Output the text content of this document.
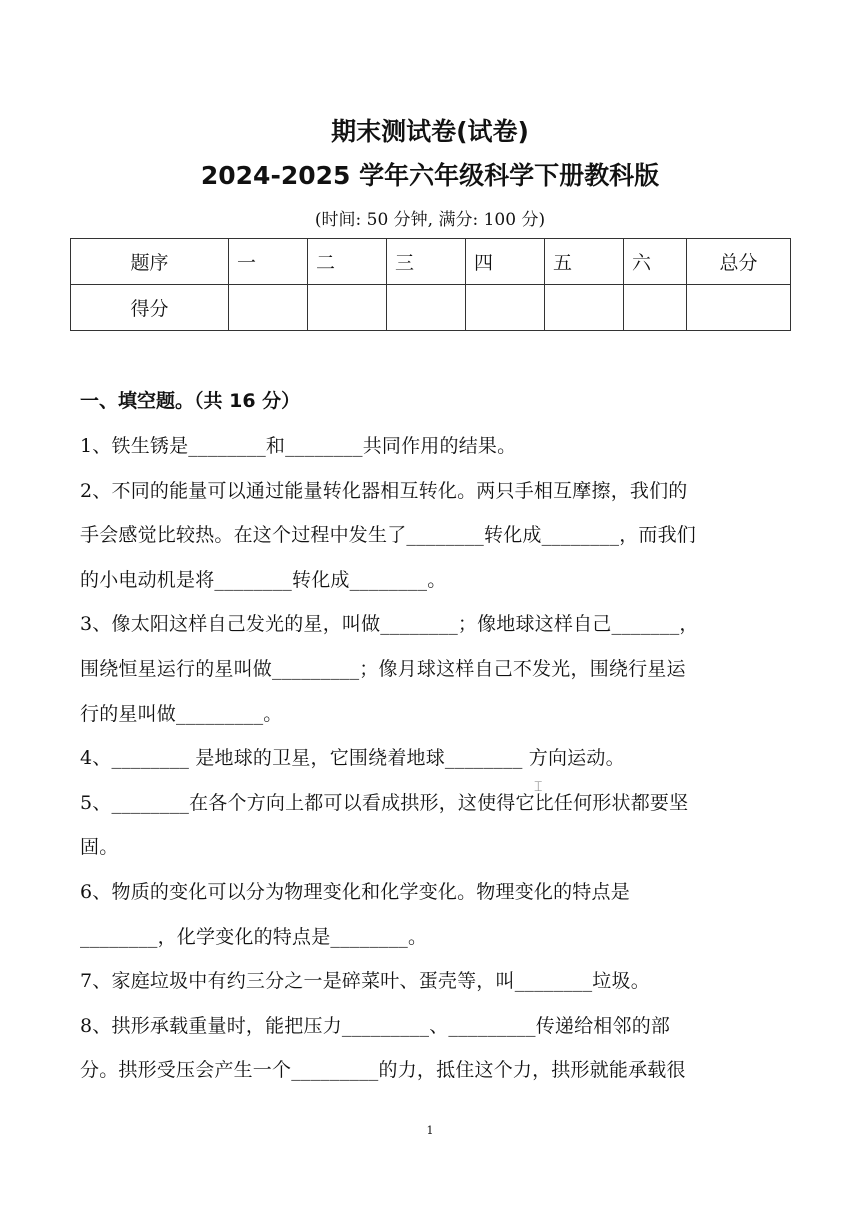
期末测试卷(试卷)
2024-2025 学年六年级科学下册教科版
(时间: 50 分钟, 满分: 100 分)
题序	一	二	三	四	五	六	总分
得分							
一、填空题。（共 16 分）

1、铁生锈是________和________共同作用的结果。

2、不同的能量可以通过能量转化器相互转化。两只手相互摩擦，我们的

手会感觉比较热。在这个过程中发生了________转化成________，而我们

的小电动机是将________转化成________。

3、像太阳这样自己发光的星，叫做________；像地球这样自己_______，

围绕恒星运行的星叫做_________；像月球这样自己不发光，围绕行星运

行的星叫做_________。

4、________ 是地球的卫星，它围绕着地球________ 方向运动。

5、________在各个方向上都可以看成拱形，这使得它比任何形状都要坚

固。

6、物质的变化可以分为物理变化和化学变化。物理变化的特点是

________，化学变化的特点是________。

7、家庭垃圾中有约三分之一是碎菜叶、蛋壳等，叫________垃圾。

8、拱形承载重量时，能把压力_________、_________传递给相邻的部

分。拱形受压会产生一个_________的力，抵住这个力，拱形就能承载很

⌶
1
